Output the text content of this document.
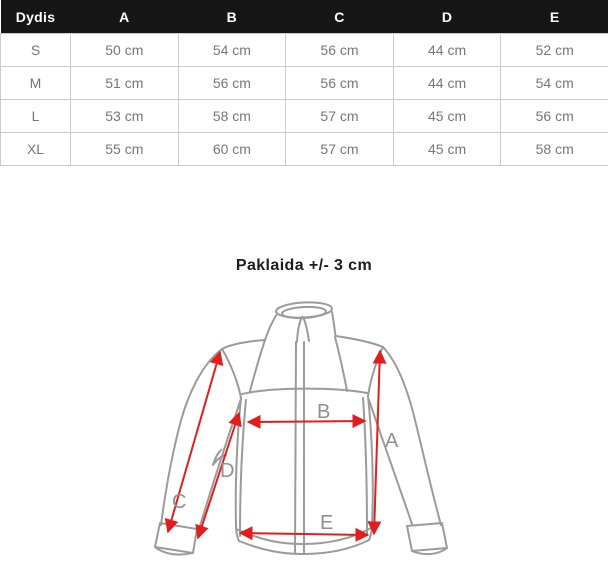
Dydis	A	B	C	D	E
S	50 cm	54 cm	56 cm	44 cm	52 cm
M	51 cm	56 cm	56 cm	44 cm	54 cm
L	53 cm	58 cm	57 cm	45 cm	56 cm
XL	55 cm	60 cm	57 cm	45 cm	58 cm

Paklaida +/- 3 cm

A
B
C
D
E
